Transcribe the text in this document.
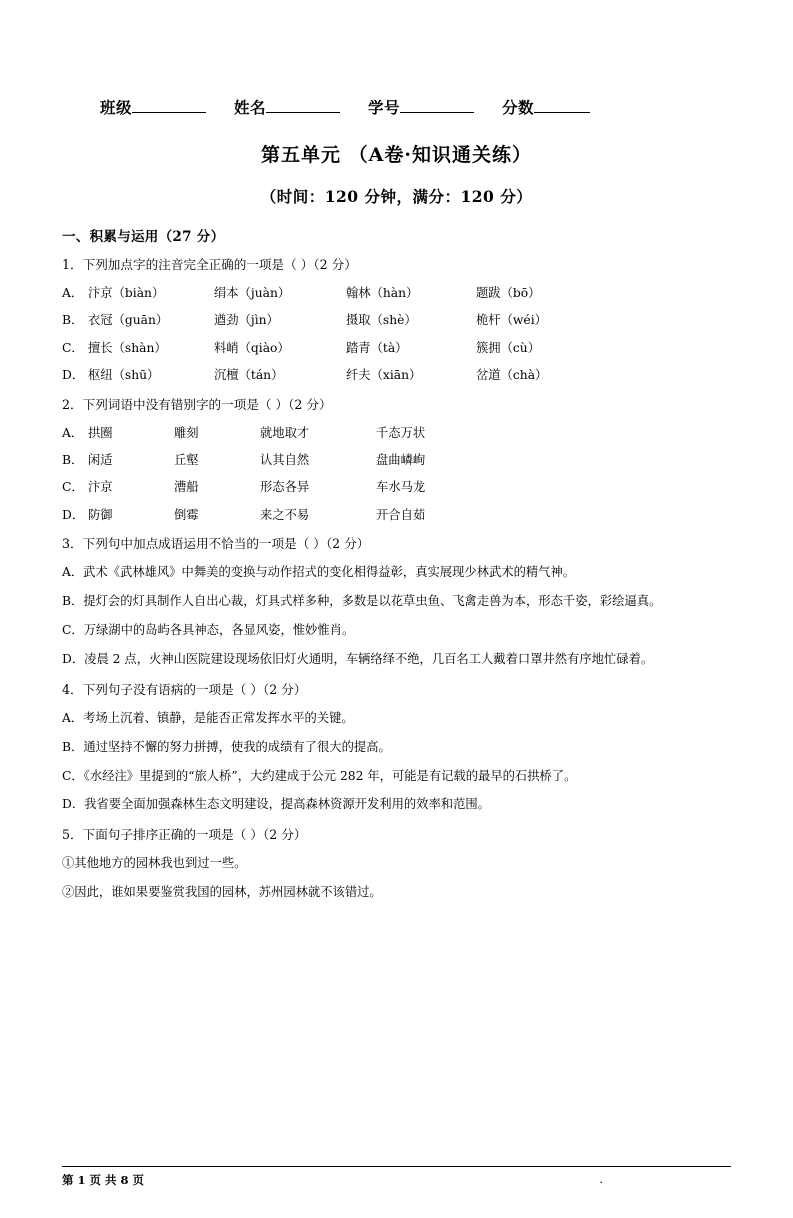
班级	姓名	学号	分数
第五单元 （A卷·知识通关练）
（时间：120 分钟，满分：120 分）
一、积累与运用（27 分）
1．下列加点字的注音完全正确的一项是（ ）（2 分）
A． 汴京（biàn）	绢本（juàn）	翰林（hàn）	题跋（bō）
B． 衣冠（guān）	遒劲（jìn）	摄取（shè）	桅杆（wéi）
C． 擅长（shàn）	料峭（qiào）	踏青（tà）	簇拥（cù）
D． 枢纽（shū）	沉檀（tán）	纤夫（xiān）	岔道（chà）
2．下列词语中没有错别字的一项是（ ）（2 分）
A． 拱圈	雕刻	就地取才	千态万状
B． 闲适	丘壑	认其自然	盘曲嶙峋
C． 汴京	漕船	形态各异	车水马龙
D． 防御	倒霉	来之不易	开合自茹
3．下列句中加点成语运用不恰当的一项是（ ）（2 分）
A．武术《武林雄风》中舞美的变换与动作招式的变化相得益彰，真实展现少林武术的精气神。
B．提灯会的灯具制作人自出心裁，灯具式样多种，多数是以花草虫鱼、飞禽走兽为本，形态千姿，彩绘逼真。
C．万绿湖中的岛屿各具神态，各显风姿，惟妙惟肖。
D．凌晨 2 点，火神山医院建设现场依旧灯火通明，车辆络绎不绝，几百名工人戴着口罩井然有序地忙碌着。
4．下列句子没有语病的一项是（ ）（2 分）
A．考场上沉着、镇静，是能否正常发挥水平的关键。
B．通过坚持不懈的努力拼搏，使我的成绩有了很大的提高。
C．《水经注》里提到的“旅人桥”，大约建成于公元 282 年，可能是有记载的最早的石拱桥了。
D．我省要全面加强森林生态文明建设，提高森林资源开发利用的效率和范围。
5．下面句子排序正确的一项是（ ）（2 分）
①其他地方的园林我也到过一些。
②因此，谁如果要鉴赏我国的园林，苏州园林就不该错过。
第 1 页 共 8 页	.
